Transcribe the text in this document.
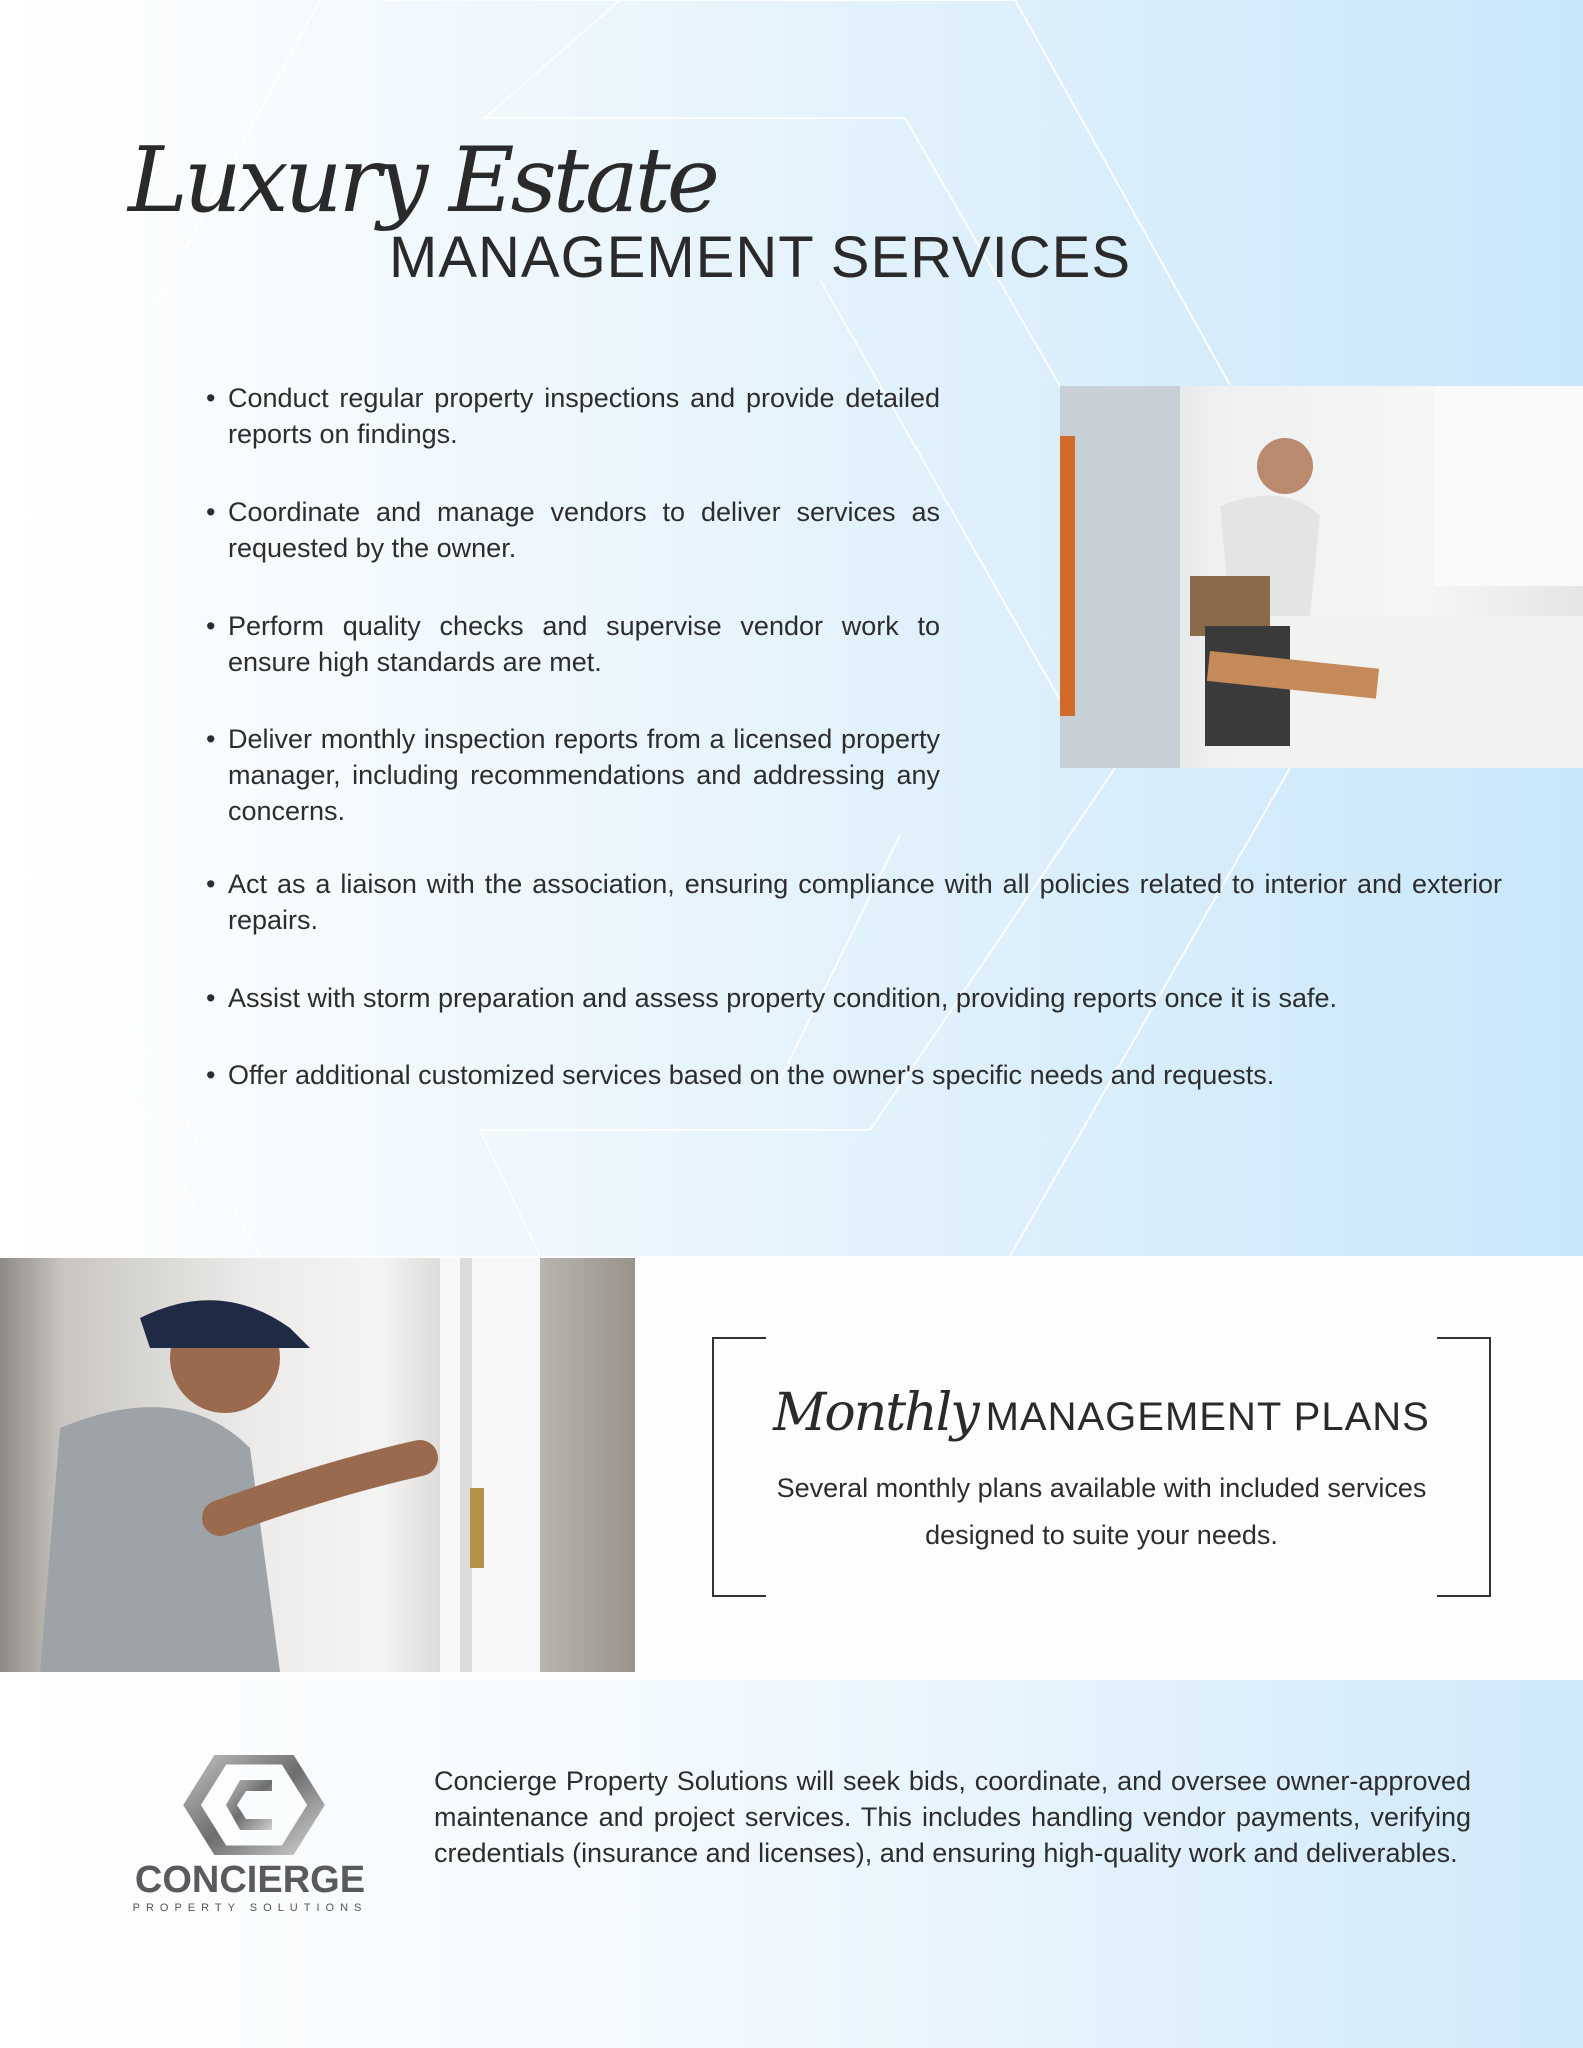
Luxury Estate
MANAGEMENT SERVICES
• Conduct regular property inspections and provide detailed reports on findings.
• Coordinate and manage vendors to deliver services as requested by the owner.
• Perform quality checks and supervise vendor work to ensure high standards are met.
• Deliver monthly inspection reports from a licensed property manager, including recommendations and addressing any concerns.
• Act as a liaison with the association, ensuring compliance with all policies related to interior and exterior repairs.
• Assist with storm preparation and assess property condition, providing reports once it is safe.
• Offer additional customized services based on the owner's specific needs and requests.
Monthly MANAGEMENT PLANS
Several monthly plans available with included services designed to suite your needs.
CONCIERGE
PROPERTY SOLUTIONS
Concierge Property Solutions will seek bids, coordinate, and oversee owner-approved maintenance and project services. This includes handling vendor payments, verifying credentials (insurance and licenses), and ensuring high-quality work and deliverables.
